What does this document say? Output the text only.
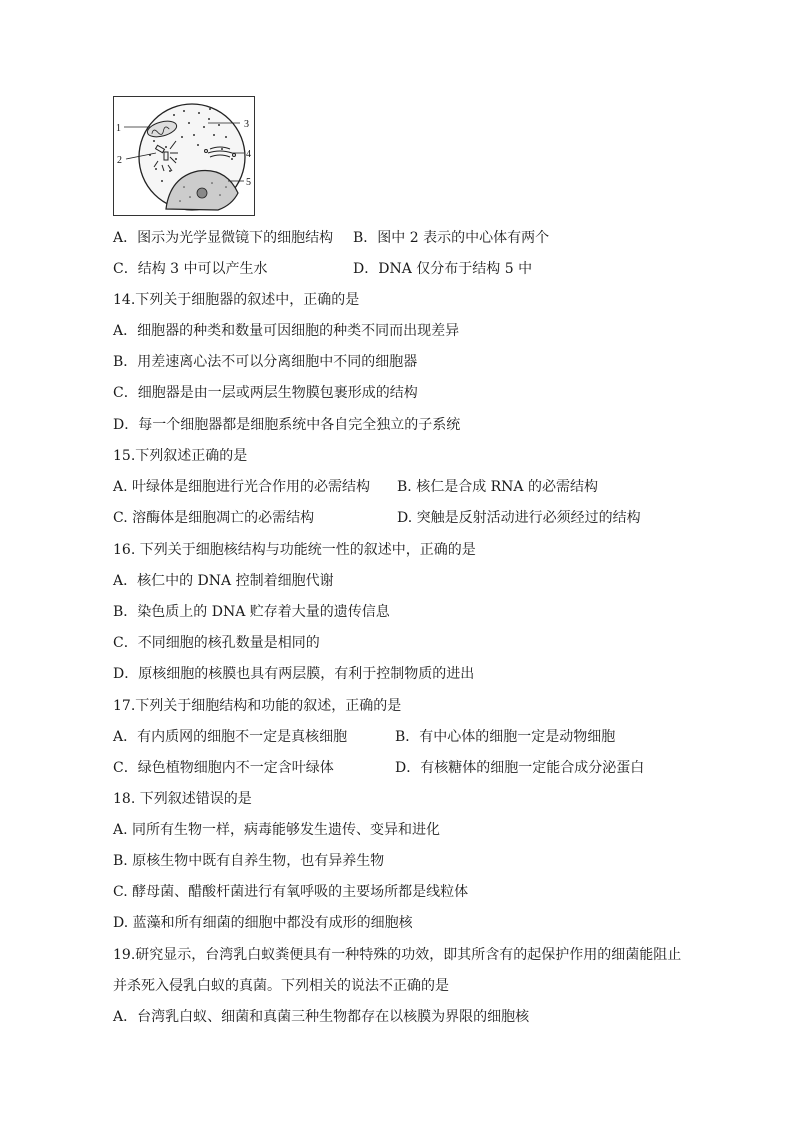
1
2
3
4
5
A．图示为光学显微镜下的细胞结构 B．图中 2 表示的中心体有两个
C．结构 3 中可以产生水	D．DNA 仅分布于结构 5 中
14.下列关于细胞器的叙述中，正确的是
A．细胞器的种类和数量可因细胞的种类不同而出现差异
B．用差速离心法不可以分离细胞中不同的细胞器
C．细胞器是由一层或两层生物膜包裹形成的结构
D．每一个细胞器都是细胞系统中各自完全独立的子系统
15.下列叙述正确的是
A. 叶绿体是细胞进行光合作用的必需结构 B. 核仁是合成 RNA 的必需结构
C. 溶酶体是细胞凋亡的必需结构	D. 突触是反射活动进行必须经过的结构
16. 下列关于细胞核结构与功能统一性的叙述中，正确的是
A．核仁中的 DNA 控制着细胞代谢
B．染色质上的 DNA 贮存着大量的遗传信息
C．不同细胞的核孔数量是相同的
D．原核细胞的核膜也具有两层膜，有利于控制物质的进出
17.下列关于细胞结构和功能的叙述，正确的是
A．有内质网的细胞不一定是真核细胞	B．有中心体的细胞一定是动物细胞
C．绿色植物细胞内不一定含叶绿体	D．有核糖体的细胞一定能合成分泌蛋白
18. 下列叙述错误的是
A. 同所有生物一样，病毒能够发生遗传、变异和进化
B. 原核生物中既有自养生物，也有异养生物
C. 酵母菌、醋酸杆菌进行有氧呼吸的主要场所都是线粒体
D. 蓝藻和所有细菌的细胞中都没有成形的细胞核
19.研究显示，台湾乳白蚁粪便具有一种特殊的功效，即其所含有的起保护作用的细菌能阻止
并杀死入侵乳白蚁的真菌。下列相关的说法不正确的是
A．台湾乳白蚁、细菌和真菌三种生物都存在以核膜为界限的细胞核
